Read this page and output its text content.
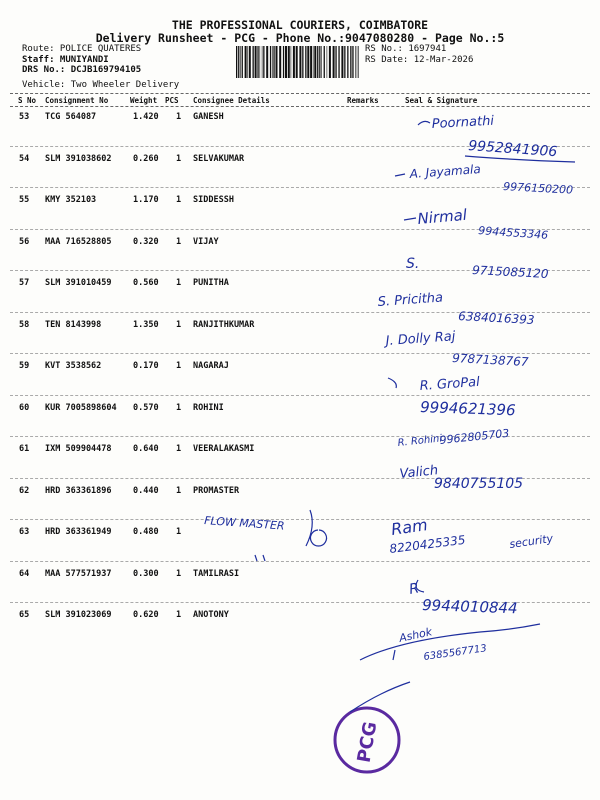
THE PROFESSIONAL COURIERS, COIMBATORE
Delivery Runsheet - PCG - Phone No.:9047080280 - Page No.:5
Route: POLICE QUATERES
Staff: MUNIYANDI
DRS No.: DCJB169794105
Vehicle: Two Wheeler Delivery
RS No.: 1697941
RS Date: 12-Mar-2026
S No Consignment No	Weight PCS Consignee Details	Remarks	Seal & Signature
53 TCG 564087	1.420 1 GANESH
54 SLM 391038602	0.260 1 SELVAKUMAR
55 KMY 352103	1.170 1 SIDDESSH
56 MAA 716528805	0.320 1 VIJAY
57 SLM 391010459	0.560 1 PUNITHA
58 TEN 8143998	1.350 1 RANJITHKUMAR
59 KVT 3538562	0.170 1 NAGARAJ
60 KUR 7005898604 0.570 1 ROHINI
61 IXM 509904478	0.640 1 VEERALAKASMI
62 HRD 363361896	0.440 1 PROMASTER
63 HRD 363361949	0.480 1
64 MAA 577571937	0.300 1 TAMILRASI
65 SLM 391023069	0.620 1 ANOTONY
Poornathi
9952841906
A. Jayamala
9976150200
Nirmal
9944553346
S.	9715085120
S. Pricitha
6384016393
J. Dolly Raj
9787138767
R. GroPal
9994621396
R. Rohini
9962805703
Valich
9840755105
FLOW MASTER	Ram
8220425335	security
R
9944010844
Ashok
6385567713
PCG
